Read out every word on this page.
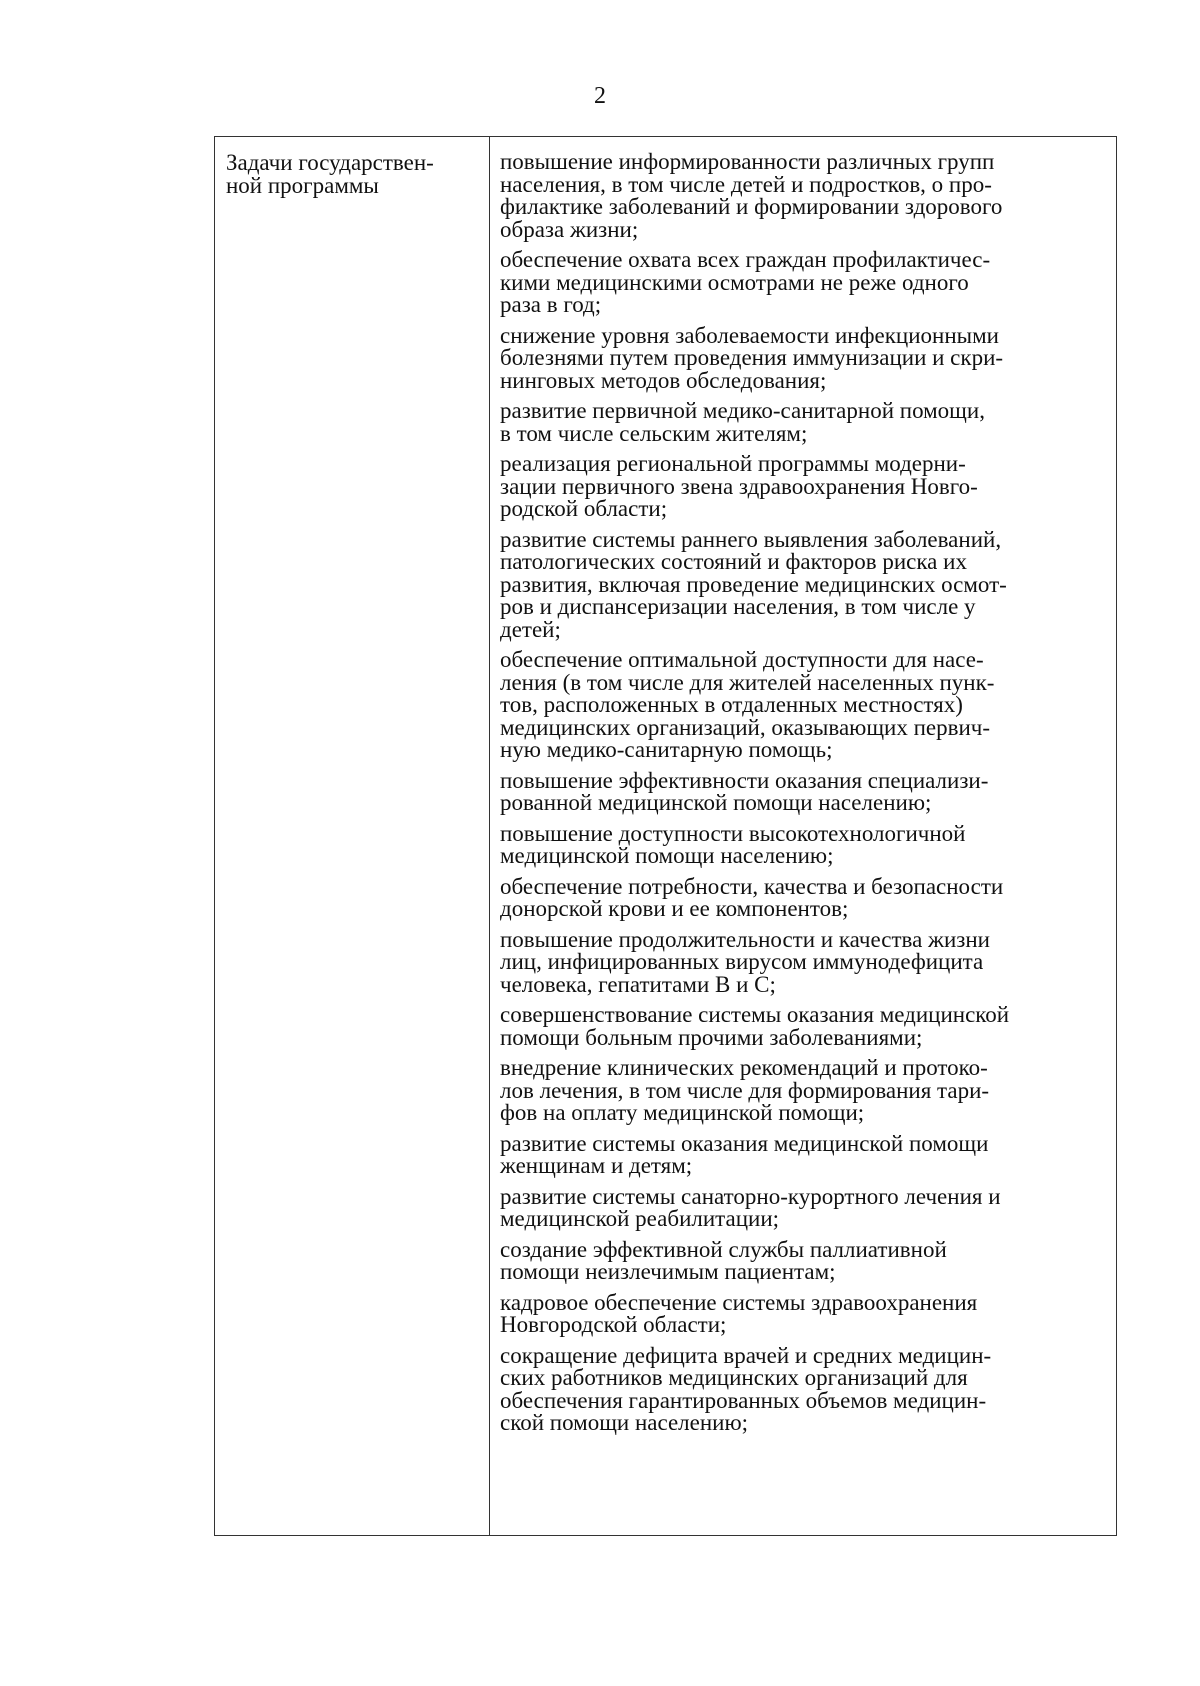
2
Задачи государствен-
ной программы

повышение информированности различных групп
населения, в том числе детей и подростков, о про-
филактике заболеваний и формировании здорового
образа жизни;

обеспечение охвата всех граждан профилактичес-
кими медицинскими осмотрами не реже одного
раза в год;

снижение уровня заболеваемости инфекционными
болезнями путем проведения иммунизации и скри-
нинговых методов обследования;

развитие первичной медико-санитарной помощи,
в том числе сельским жителям;

реализация региональной программы модерни-
зации первичного звена здравоохранения Новго-
родской области;

развитие системы раннего выявления заболеваний,
патологических состояний и факторов риска их
развития, включая проведение медицинских осмот-
ров и диспансеризации населения, в том числе у
детей;

обеспечение оптимальной доступности для насе-
ления (в том числе для жителей населенных пунк-
тов, расположенных в отдаленных местностях)
медицинских организаций, оказывающих первич-
ную медико-санитарную помощь;

повышение эффективности оказания специализи-
рованной медицинской помощи населению;

повышение доступности высокотехнологичной
медицинской помощи населению;

обеспечение потребности, качества и безопасности
донорской крови и ее компонентов;

повышение продолжительности и качества жизни
лиц, инфицированных вирусом иммунодефицита
человека, гепатитами В и С;

совершенствование системы оказания медицинской
помощи больным прочими заболеваниями;

внедрение клинических рекомендаций и протоко-
лов лечения, в том числе для формирования тари-
фов на оплату медицинской помощи;

развитие системы оказания медицинской помощи
женщинам и детям;

развитие системы санаторно-курортного лечения и
медицинской реабилитации;

создание эффективной службы паллиативной
помощи неизлечимым пациентам;

кадровое обеспечение системы здравоохранения
Новгородской области;

сокращение дефицита врачей и средних медицин-
ских работников медицинских организаций для
обеспечения гарантированных объемов медицин-
ской помощи населению;
